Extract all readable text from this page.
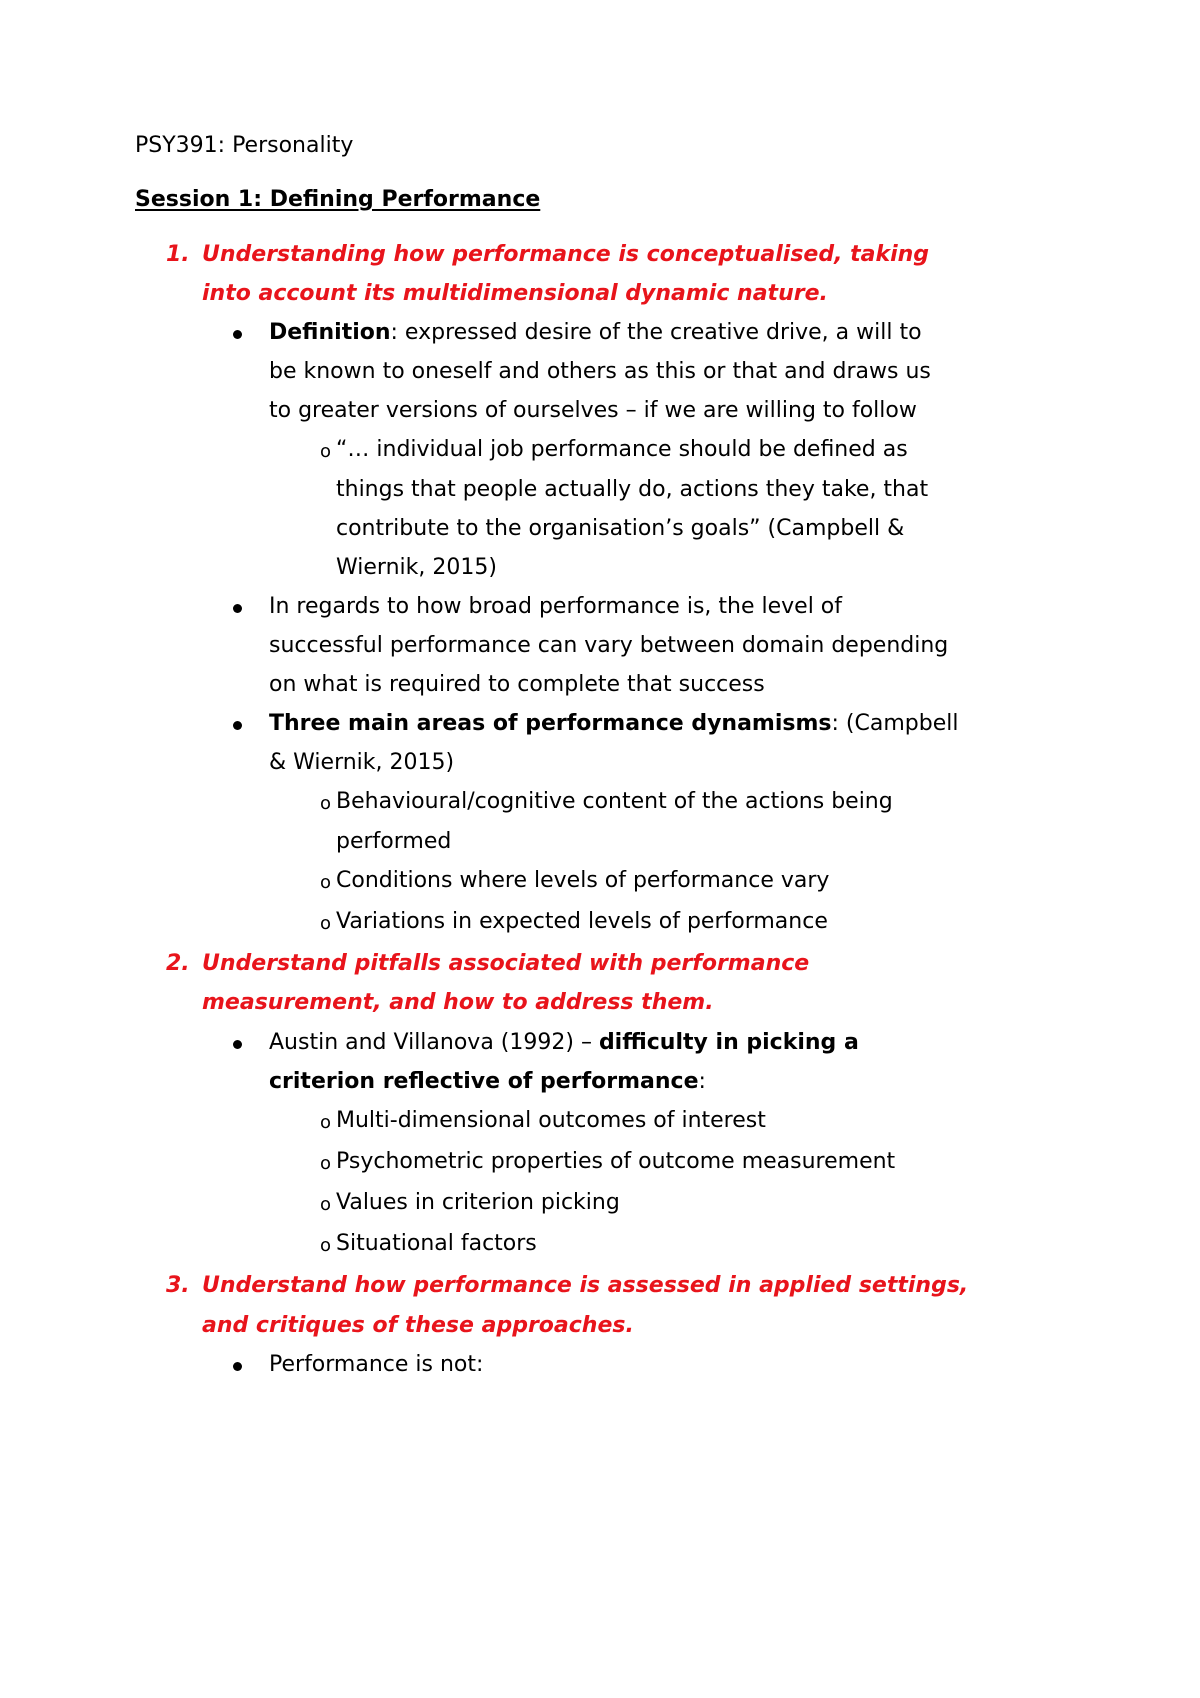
PSY391: Personality
Session 1: Defining Performance
1. Understanding how performance is conceptualised, taking
into account its multidimensional dynamic nature.
Definition: expressed desire of the creative drive, a will to
be known to oneself and others as this or that and draws us
to greater versions of ourselves – if we are willing to follow
o “… individual job performance should be defined as
things that people actually do, actions they take, that
contribute to the organisation’s goals” (Campbell &
Wiernik, 2015)
In regards to how broad performance is, the level of
successful performance can vary between domain depending
on what is required to complete that success
Three main areas of performance dynamisms: (Campbell
& Wiernik, 2015)
o Behavioural/cognitive content of the actions being
performed
o Conditions where levels of performance vary
o Variations in expected levels of performance
2. Understand pitfalls associated with performance
measurement, and how to address them.
Austin and Villanova (1992) – difficulty in picking a
criterion reflective of performance:
o Multi-dimensional outcomes of interest
o Psychometric properties of outcome measurement
o Values in criterion picking
o Situational factors
3. Understand how performance is assessed in applied settings,
and critiques of these approaches.
Performance is not:
